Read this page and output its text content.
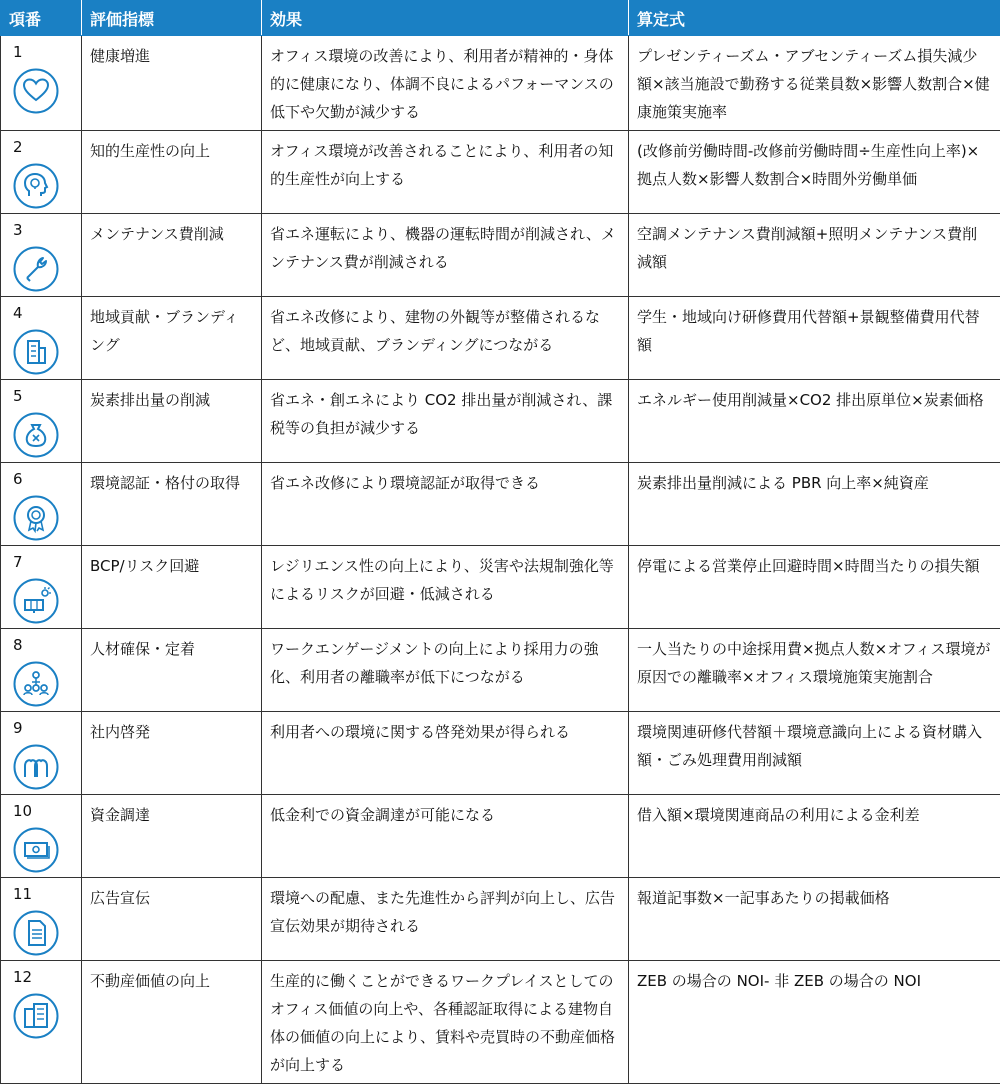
項番	評価指標	効果	算定式

1	健康増進	オフィス環境の改善により、利用者が精神的・身体的に健康になり、体調不良によるパフォーマンスの低下や欠勤が減少する	プレゼンティーズム・アブセンティーズム損失減少額×該当施設で勤務する従業員数×影響人数割合×健康施策実施率

2	知的生産性の向上	オフィス環境が改善されることにより、利用者の知的生産性が向上する	(改修前労働時間-改修前労働時間÷生産性向上率)×拠点人数×影響人数割合×時間外労働単価

3	メンテナンス費削減	省エネ運転により、機器の運転時間が削減され、メンテナンス費が削減される	空調メンテナンス費削減額+照明メンテナンス費削減額

4	地域貢献・ブランディング	省エネ改修により、建物の外観等が整備されるなど、地域貢献、ブランディングにつながる	学生・地域向け研修費用代替額+景観整備費用代替額

5	炭素排出量の削減	省エネ・創エネにより CO2 排出量が削減され、課税等の負担が減少する	エネルギー使用削減量×CO2 排出原単位×炭素価格

6	環境認証・格付の取得	省エネ改修により環境認証が取得できる	炭素排出量削減による PBR 向上率×純資産

7	BCP/リスク回避	レジリエンス性の向上により、災害や法規制強化等によるリスクが回避・低減される	停電による営業停止回避時間×時間当たりの損失額

8	人材確保・定着	ワークエンゲージメントの向上により採用力の強化、利用者の離職率が低下につながる	一人当たりの中途採用費×拠点人数×オフィス環境が原因での離職率×オフィス環境施策実施割合

9	社内啓発	利用者への環境に関する啓発効果が得られる	環境関連研修代替額＋環境意識向上による資材購入額・ごみ処理費用削減額

10	資金調達	低金利での資金調達が可能になる	借入額×環境関連商品の利用による金利差

11	広告宣伝	環境への配慮、また先進性から評判が向上し、広告宣伝効果が期待される	報道記事数×一記事あたりの掲載価格

12	不動産価値の向上	生産的に働くことができるワークプレイスとしてのオフィス価値の向上や、各種認証取得による建物自体の価値の向上により、賃料や売買時の不動産価格が向上する	ZEB の場合の NOI- 非 ZEB の場合の NOI
